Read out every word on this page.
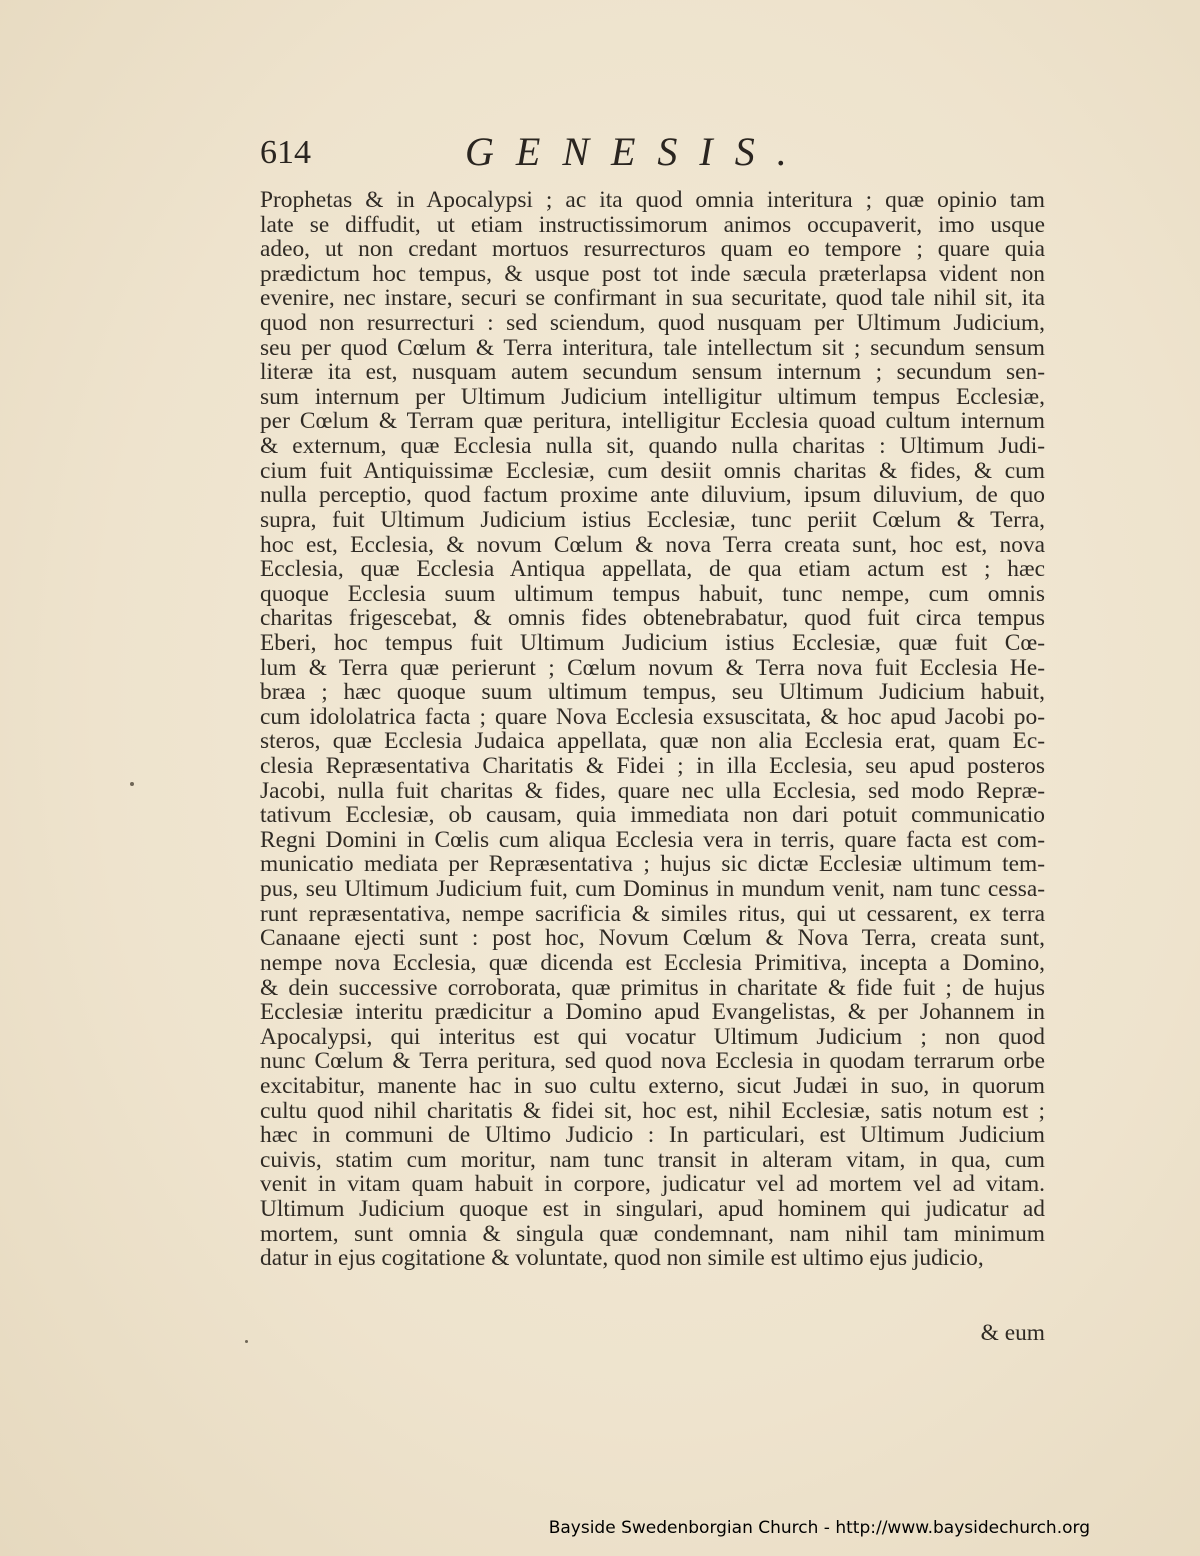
614	GENESIS.
Prophetas & in Apocalypsi ; ac ita quod omnia interitura ; quæ opinio tam
late se diffudit, ut etiam instructissimorum animos occupaverit, imo usque
adeo, ut non credant mortuos resurrecturos quam eo tempore ; quare quia
prædictum hoc tempus, & usque post tot inde sæcula præterlapsa vident non
evenire, nec instare, securi se confirmant in sua securitate, quod tale nihil sit, ita
quod non resurrecturi : sed sciendum, quod nusquam per Ultimum Judicium,
seu per quod Cœlum & Terra interitura, tale intellectum sit ; secundum sensum
literæ ita est, nusquam autem secundum sensum internum ; secundum sen-
sum internum per Ultimum Judicium intelligitur ultimum tempus Ecclesiæ,
per Cœlum & Terram quæ peritura, intelligitur Ecclesia quoad cultum internum
& externum, quæ Ecclesia nulla sit, quando nulla charitas : Ultimum Judi-
cium fuit Antiquissimæ Ecclesiæ, cum desiit omnis charitas & fides, & cum
nulla perceptio, quod factum proxime ante diluvium, ipsum diluvium, de quo
supra, fuit Ultimum Judicium istius Ecclesiæ, tunc periit Cœlum & Terra,
hoc est, Ecclesia, & novum Cœlum & nova Terra creata sunt, hoc est, nova
Ecclesia, quæ Ecclesia Antiqua appellata, de qua etiam actum est ; hæc
quoque Ecclesia suum ultimum tempus habuit, tunc nempe, cum omnis
charitas frigescebat, & omnis fides obtenebrabatur, quod fuit circa tempus
Eberi, hoc tempus fuit Ultimum Judicium istius Ecclesiæ, quæ fuit Cœ-
lum & Terra quæ perierunt ; Cœlum novum & Terra nova fuit Ecclesia He-
bræa ; hæc quoque suum ultimum tempus, seu Ultimum Judicium habuit,
cum idololatrica facta ; quare Nova Ecclesia exsuscitata, & hoc apud Jacobi po-
steros, quæ Ecclesia Judaica appellata, quæ non alia Ecclesia erat, quam Ec-
clesia Repræsentativa Charitatis & Fidei ; in illa Ecclesia, seu apud posteros
Jacobi, nulla fuit charitas & fides, quare nec ulla Ecclesia, sed modo Repræ-
tativum Ecclesiæ, ob causam, quia immediata non dari potuit communicatio
Regni Domini in Cœlis cum aliqua Ecclesia vera in terris, quare facta est com-
municatio mediata per Repræsentativa ; hujus sic dictæ Ecclesiæ ultimum tem-
pus, seu Ultimum Judicium fuit, cum Dominus in mundum venit, nam tunc cessa-
runt repræsentativa, nempe sacrificia & similes ritus, qui ut cessarent, ex terra
Canaane ejecti sunt : post hoc, Novum Cœlum & Nova Terra, creata sunt,
nempe nova Ecclesia, quæ dicenda est Ecclesia Primitiva, incepta a Domino,
& dein successive corroborata, quæ primitus in charitate & fide fuit ; de hujus
Ecclesiæ interitu prædicitur a Domino apud Evangelistas, & per Johannem in
Apocalypsi, qui interitus est qui vocatur Ultimum Judicium ; non quod
nunc Cœlum & Terra peritura, sed quod nova Ecclesia in quodam terrarum orbe
excitabitur, manente hac in suo cultu externo, sicut Judæi in suo, in quorum
cultu quod nihil charitatis & fidei sit, hoc est, nihil Ecclesiæ, satis notum est ;
hæc in communi de Ultimo Judicio : In particulari, est Ultimum Judicium
cuivis, statim cum moritur, nam tunc transit in alteram vitam, in qua, cum
venit in vitam quam habuit in corpore, judicatur vel ad mortem vel ad vitam.
Ultimum Judicium quoque est in singulari, apud hominem qui judicatur ad
mortem, sunt omnia & singula quæ condemnant, nam nihil tam minimum
datur in ejus cogitatione & voluntate, quod non simile est ultimo ejus judicio,
& eum
Bayside Swedenborgian Church - http://www.baysidechurch.org
